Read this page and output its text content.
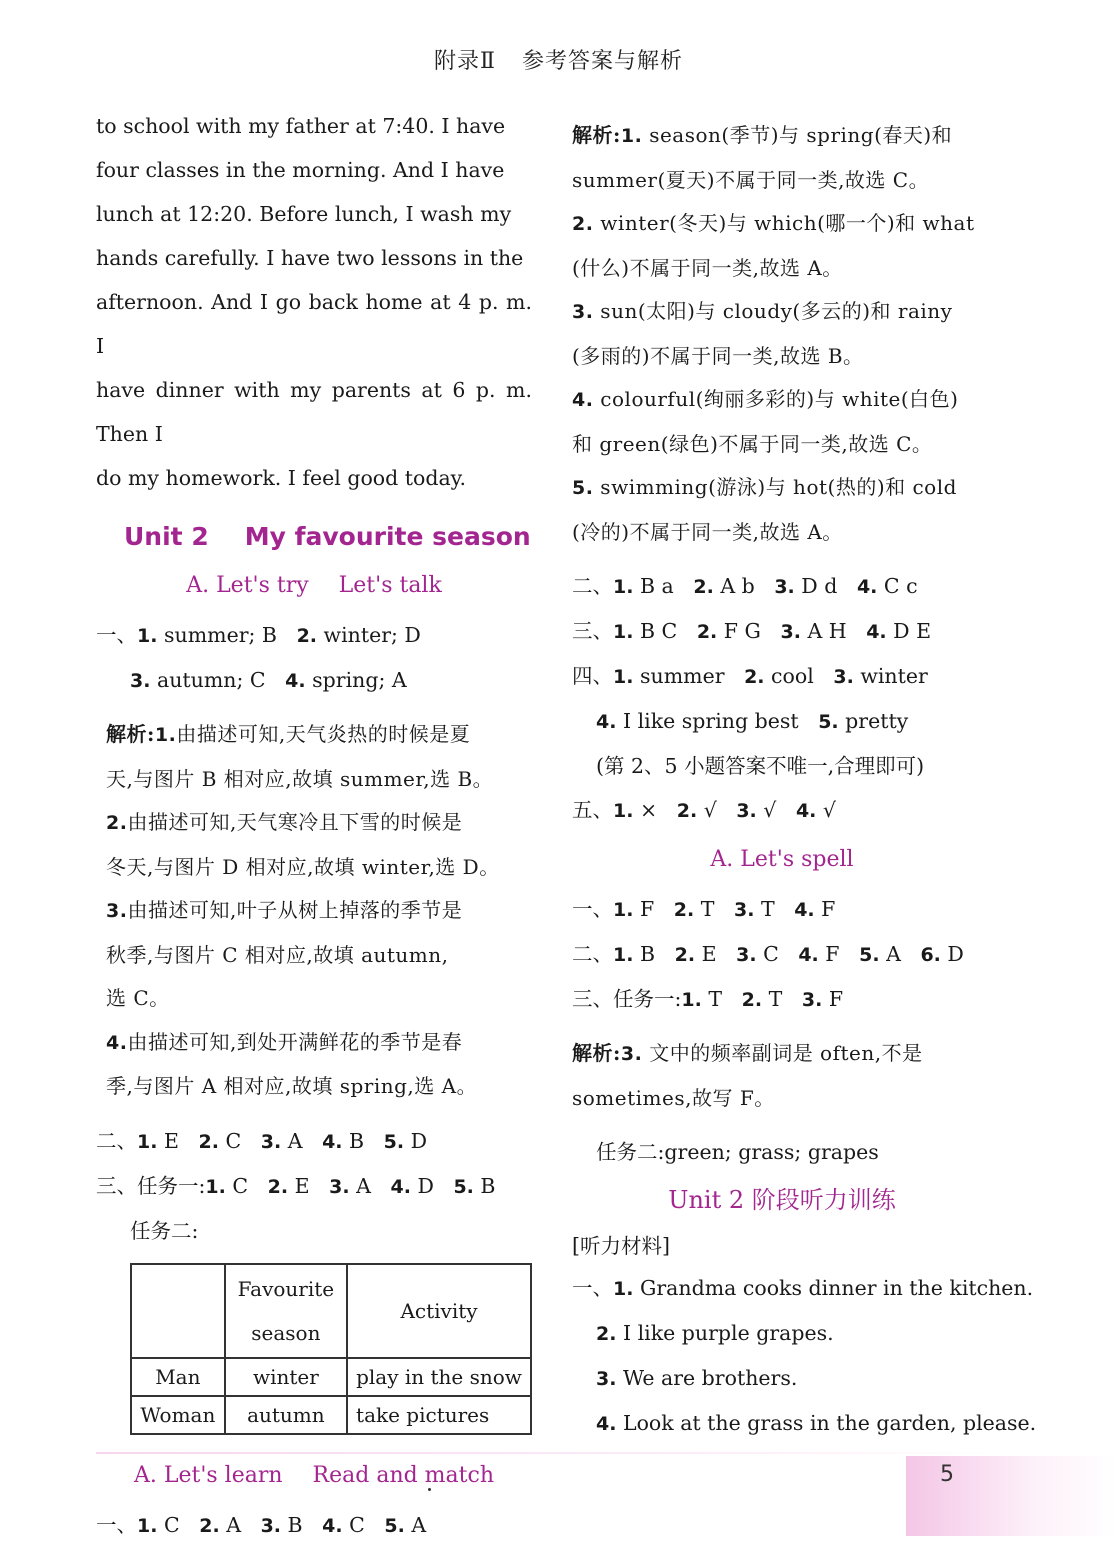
附录Ⅱ 参考答案与解析

to school with my father at 7:40. I have

four classes in the morning. And I have

lunch at 12:20. Before lunch, I wash my

hands carefully. I have two lessons in the

afternoon. And I go back home at 4 p. m. I

have dinner with my parents at 6 p. m. Then I

do my homework. I feel good today.

Unit 2 My favourite season
A. Let's try Let's talk
一、1. summer; B 2. winter; D
3. autumn; C 4. spring; A
解析:1.由描述可知,天气炎热的时候是夏
天,与图片 B 相对应,故填 summer,选 B。
2.由描述可知,天气寒冷且下雪的时候是
冬天,与图片 D 相对应,故填 winter,选 D。
3.由描述可知,叶子从树上掉落的季节是
秋季,与图片 C 相对应,故填 autumn,
选 C。
4.由描述可知,到处开满鲜花的季节是春
季,与图片 A 相对应,故填 spring,选 A。
二、1. E 2. C 3. A 4. B 5. D
三、任务一:1. C 2. E 3. A 4. D 5. B
任务二:
	Favourite season	Activity
Man	winter	play in the snow
Woman	autumn	take pictures
A. Let's learn Read and match
一、1. C 2. A 3. B 4. C 5. A
解析:1. season(季节)与 spring(春天)和
summer(夏天)不属于同一类,故选 C。
2. winter(冬天)与 which(哪一个)和 what
(什么)不属于同一类,故选 A。
3. sun(太阳)与 cloudy(多云的)和 rainy
(多雨的)不属于同一类,故选 B。
4. colourful(绚丽多彩的)与 white(白色)
和 green(绿色)不属于同一类,故选 C。
5. swimming(游泳)与 hot(热的)和 cold
(冷的)不属于同一类,故选 A。
二、1. B a 2. A b 3. D d 4. C c
三、1. B C 2. F G 3. A H 4. D E
四、1. summer 2. cool 3. winter
4. I like spring best 5. pretty
(第 2、5 小题答案不唯一,合理即可)
五、1. × 2. √ 3. √ 4. √
A. Let's spell
一、1. F 2. T 3. T 4. F
二、1. B 2. E 3. C 4. F 5. A 6. D
三、任务一:1. T 2. T 3. F
解析:3. 文中的频率副词是 often,不是
sometimes,故写 F。
任务二:green; grass; grapes
Unit 2 阶段听力训练
[听力材料]
一、1. Grandma cooks dinner in the kitchen.
2. I like purple grapes.
3. We are brothers.
4. Look at the grass in the garden, please.
5
